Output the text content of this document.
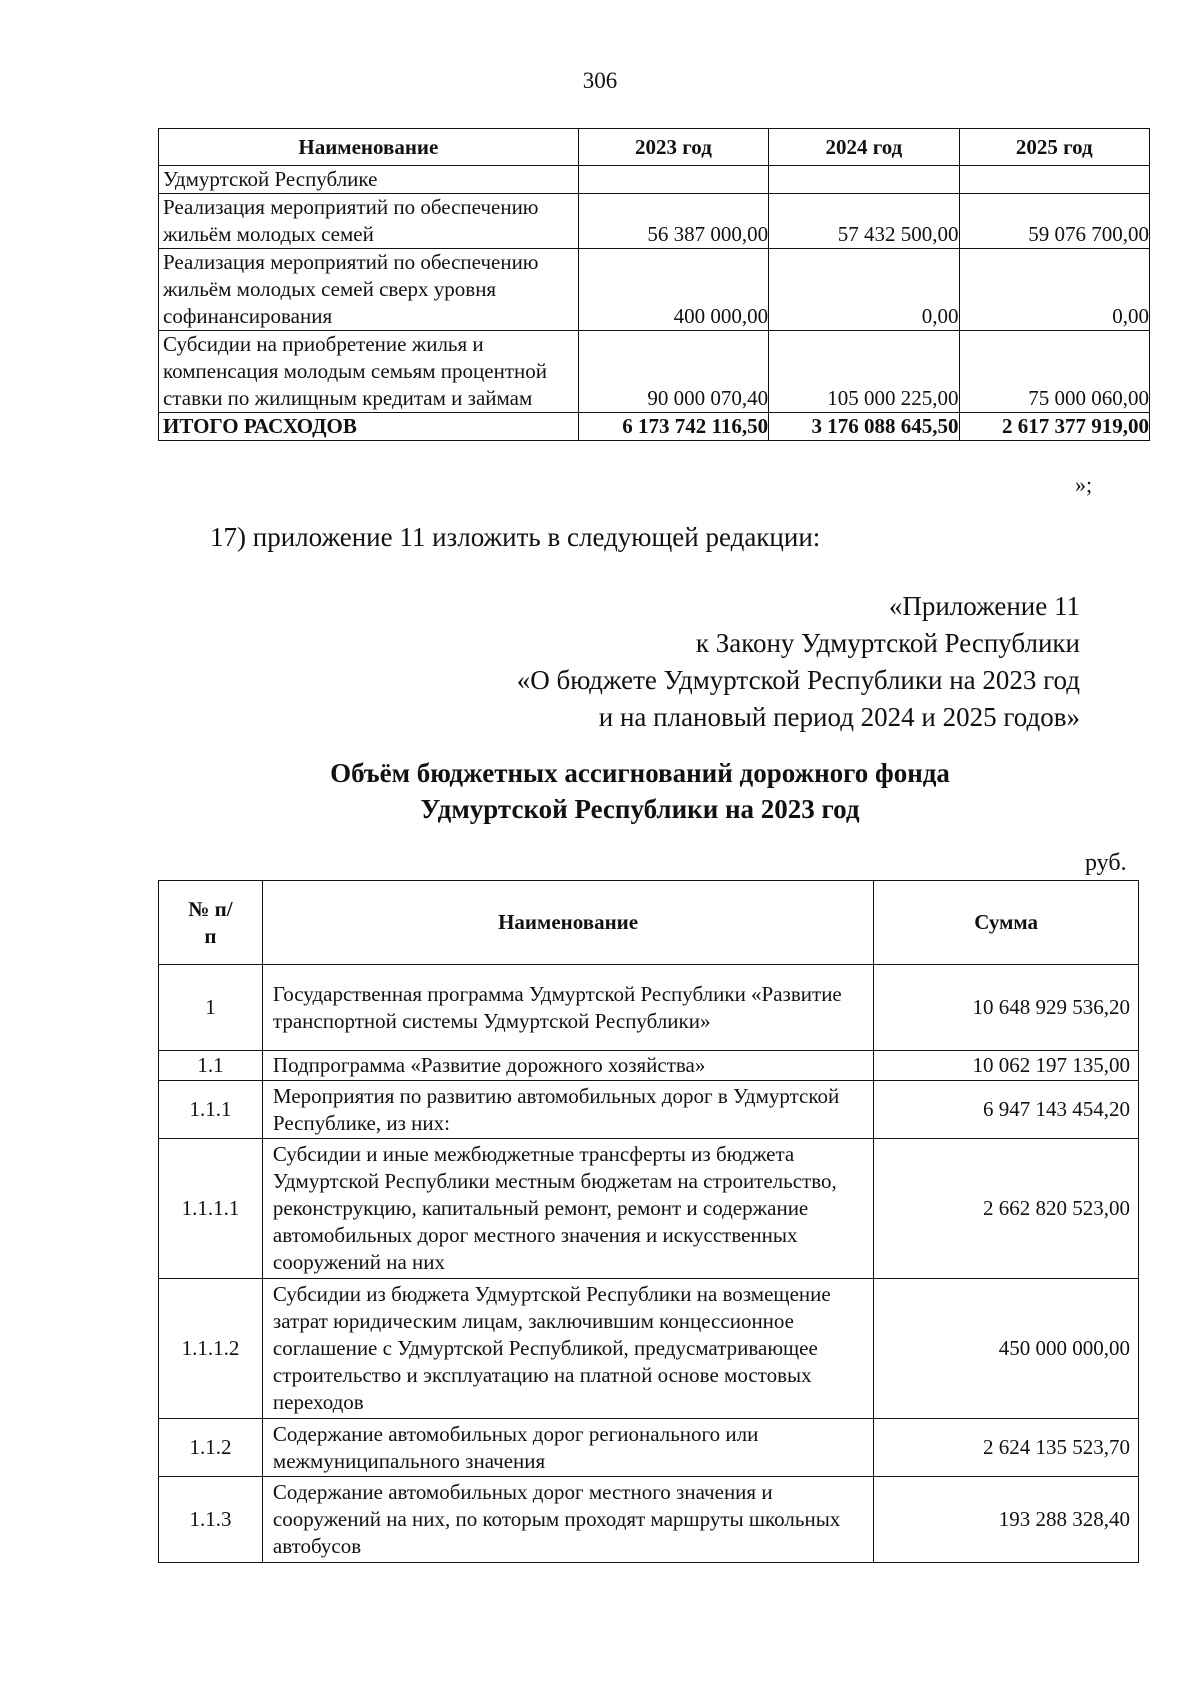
306
Наименование	2023 год	2024 год	2025 год
Удмуртской Республике			
Реализация мероприятий по обеспечению жильём молодых семей	56 387 000,00	57 432 500,00	59 076 700,00
Реализация мероприятий по обеспечению жильём молодых семей сверх уровня софинансирования	400 000,00	0,00	0,00
Субсидии на приобретение жилья и компенсация молодым семьям процентной ставки по жилищным кредитам и займам	90 000 070,40	105 000 225,00	75 000 060,00
ИТОГО РАСХОДОВ	6 173 742 116,50	3 176 088 645,50	2 617 377 919,00
»;
17) приложение 11 изложить в следующей редакции:
«Приложение 11
к Закону Удмуртской Республики
«О бюджете Удмуртской Республики на 2023 год
и на плановый период 2024 и 2025 годов»
Объём бюджетных ассигнований дорожного фонда
Удмуртской Республики на 2023 год
руб.
№ п/п	Наименование	Сумма
1	Государственная программа Удмуртской Республики «Развитие транспортной системы Удмуртской Республики»	10 648 929 536,20
1.1	Подпрограмма «Развитие дорожного хозяйства»	10 062 197 135,00
1.1.1	Мероприятия по развитию автомобильных дорог в Удмуртской Республике, из них:	6 947 143 454,20
1.1.1.1	Субсидии и иные межбюджетные трансферты из бюджета Удмуртской Республики местным бюджетам на строительство, реконструкцию, капитальный ремонт, ремонт и содержание автомобильных дорог местного значения и искусственных сооружений на них	2 662 820 523,00
1.1.1.2	Субсидии из бюджета Удмуртской Республики на возмещение затрат юридическим лицам, заключившим концессионное соглашение с Удмуртской Республикой, предусматривающее строительство и эксплуатацию на платной основе мостовых переходов	450 000 000,00
1.1.2	Содержание автомобильных дорог регионального или межмуниципального значения	2 624 135 523,70
1.1.3	Содержание автомобильных дорог местного значения и сооружений на них, по которым проходят маршруты школьных автобусов	193 288 328,40
